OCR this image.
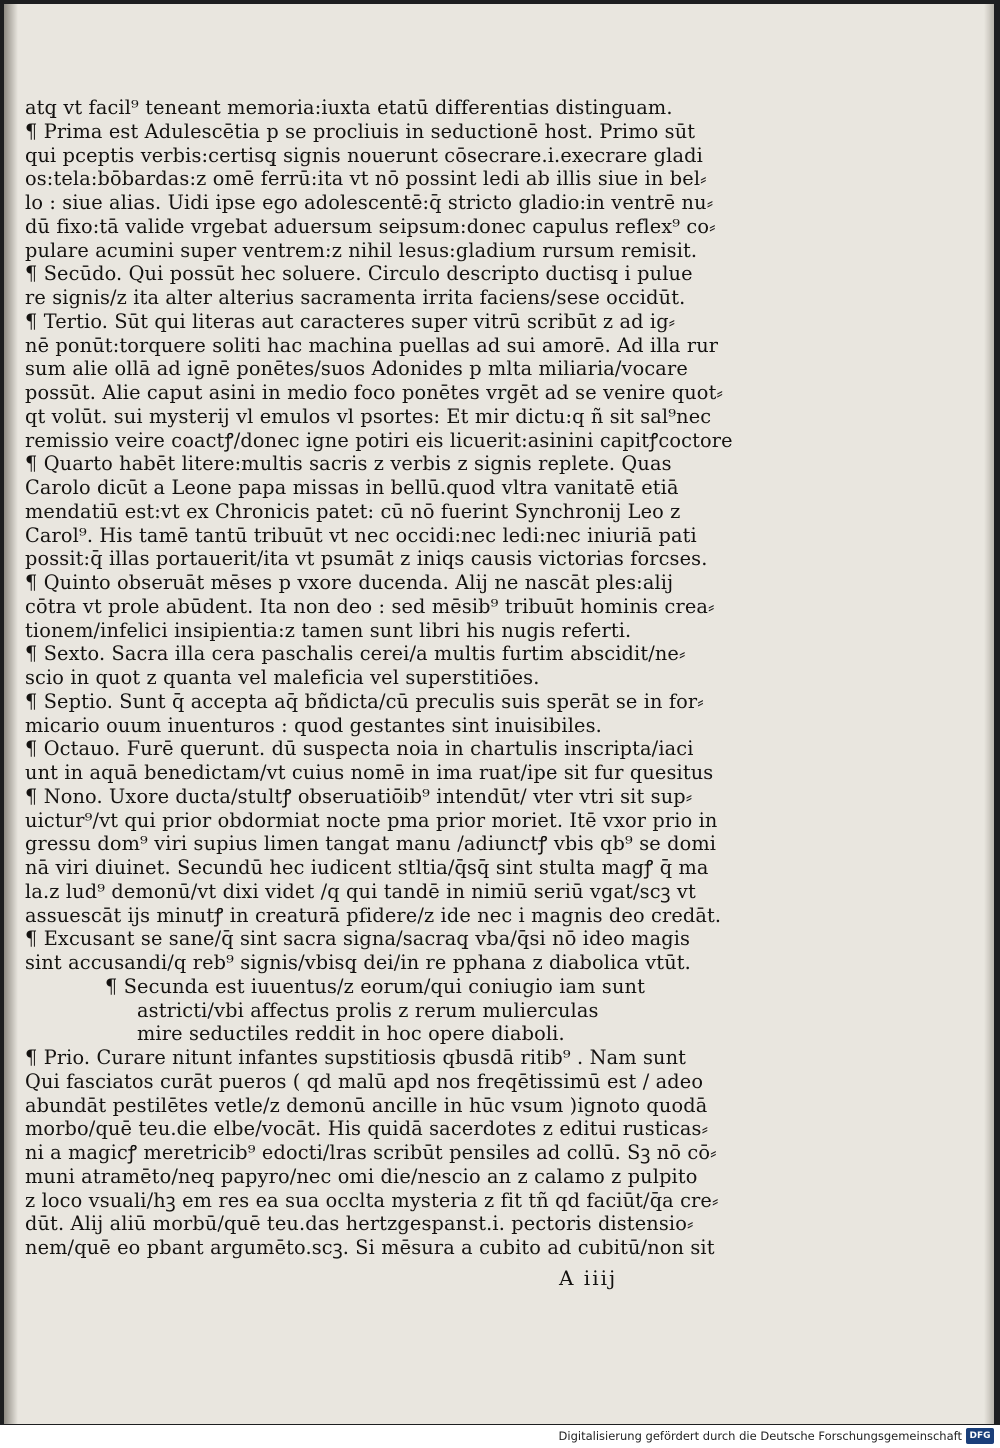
atq̧ vt facil⁹ teneant memoria:iuxta etatū differentias distinguam.
¶ Prima est Adulescētia p se procliuis in seductionē host. Primo sūt
qui pceptis verbis:certisq̧ signis nouerunt cōsecrare.i.execrare gladi
os:tela:bōbardas:z omē ferrū:ita vt nō possint ledi ab illis siue in bel⸗
lo : siue alias. Uidi ipse ego adolescentē:q̄ stricto gladio:in ventrē nu⸗
dū fixo:tā valide vrgebat aduersum seipsum:donec capulus reflex⁹ co⸗
pulare acumini super ventrem:z nihil lesus:gladium rursum remisit.
¶ Secūdo. Qui possūt hec soluere. Circulo descripto ductisq̧ i pulue
re signis/z ita alter alterius sacramenta irrita faciens/sese occidūt.
¶ Tertio. Sūt qui literas aut caracteres super vitrū scribūt z ad ig⸗
nē ponūt:torquere soliti hac machina puellas ad sui amorē. Ad illa rur
sum alie ollā ad ignē ponētes/suos Adonides p mlta miliaria/vocare
possūt. Alie caput asini in medio foco ponētes vrgēt ad se venire quot⸗
qt volūt. sui mysterij vl emulos vl psortes: Et mir dictu:q ñ sit sal⁹nec
remissio veire coactꝭ/donec igne potiri eis licuerit:asinini capitꝭcoctore
¶ Quarto habēt litere:multis sacris z verbis z signis replete. Quas
Carolo dicūt a Leone papa missas in bellū.quod vltra vanitatē etiā
mendatiū est:vt ex Chronicis patet: cū nō fuerint Synchronij Leo z
Carol⁹. His tamē tantū tribuūt vt nec occidi:nec ledi:nec iniuriā pati
possit:q̄ illas portauerit/ita vt psumāt z iniqs causis victorias forcses.
¶ Quinto obseruāt mēses p vxore ducenda. Alij ne nascāt ples:alij
cōtra vt prole abūdent. Ita non deo : sed mēsib⁹ tribuūt hominis crea⸗
tionem/infelici insipientia:z tamen sunt libri his nugis referti.
¶ Sexto. Sacra illa cera paschalis cerei/a multis furtim abscidit/ne⸗
scio in quot z quanta vel maleficia vel superstitiōes.
¶ Septio. Sunt q̄ accepta aq̄ bñdicta/cū preculis suis sperāt se in for⸗
micario ouum inuenturos : quod gestantes sint inuisibiles.
¶ Octauo. Furē querunt. dū suspecta noia in chartulis inscripta/iaci
unt in aquā benedictam/vt cuius nomē in ima ruat/ipe sit fur quesitus
¶ Nono. Uxore ducta/stultꝭ obseruatiōib⁹ intendūt/ vter vtri sit sup⸗
uictur⁹/vt qui prior obdormiat nocte pma prior moriet. Itē vxor prio in
gressu dom⁹ viri supius limen tangat manu /adiunctꝭ vbis qb⁹ se domi
nā viri diuinet. Secundū hec iudicent stltia/q̄sq̄ sint stulta magꝭ q̄ ma
la.z lud⁹ demonū/vt dixi videt /q qui tandē in nimiū seriū vgat/scꝫ vt
assuescāt ijs minutꝭ in creaturā pfidere/z ide nec i magnis deo credāt.
¶ Excusant se sane/q̄ sint sacra signa/sacraq̧ vba/q̄si nō ideo magis
sint accusandi/q reb⁹ signis/vbisq̧ dei/in re pphana z diabolica vtūt.
¶ Secunda est iuuentus/z eorum/qui coniugio iam sunt
astricti/vbi affectus prolis z rerum mulierculas
mire seductiles reddit in hoc opere diaboli.
¶ Prio. Curare nitunt infantes supstitiosis qbusdā ritib⁹ . Nam sunt
Qui fasciatos curāt pueros ( qd malū apd nos freqētissimū est / adeo
abundāt pestilētes vetle/z demonū ancille in hūc vsum )ignoto quodā
morbo/quē teu.die elbe/vocāt. His quidā sacerdotes z editui rusticas⸗
ni a magicꝭ meretricib⁹ edocti/lras scribūt pensiles ad collū. Sꝫ nō cō⸗
muni atramēto/neq̧ papyro/nec omi die/nescio an z calamo z pulpito
z loco vsuali/hꝫ em res ea sua occlta mysteria z fit tñ qd faciūt/q̄a cre⸗
dūt. Alij aliū morbū/quē teu.das hertzgespanst.i. pectoris distensio⸗
nem/quē eo pbant argumēto.scꝫ. Si mēsura a cubito ad cubitū/non sit
A iiij
Digitalisierung gefördert durch die Deutsche Forschungsgemeinschaft DFG
